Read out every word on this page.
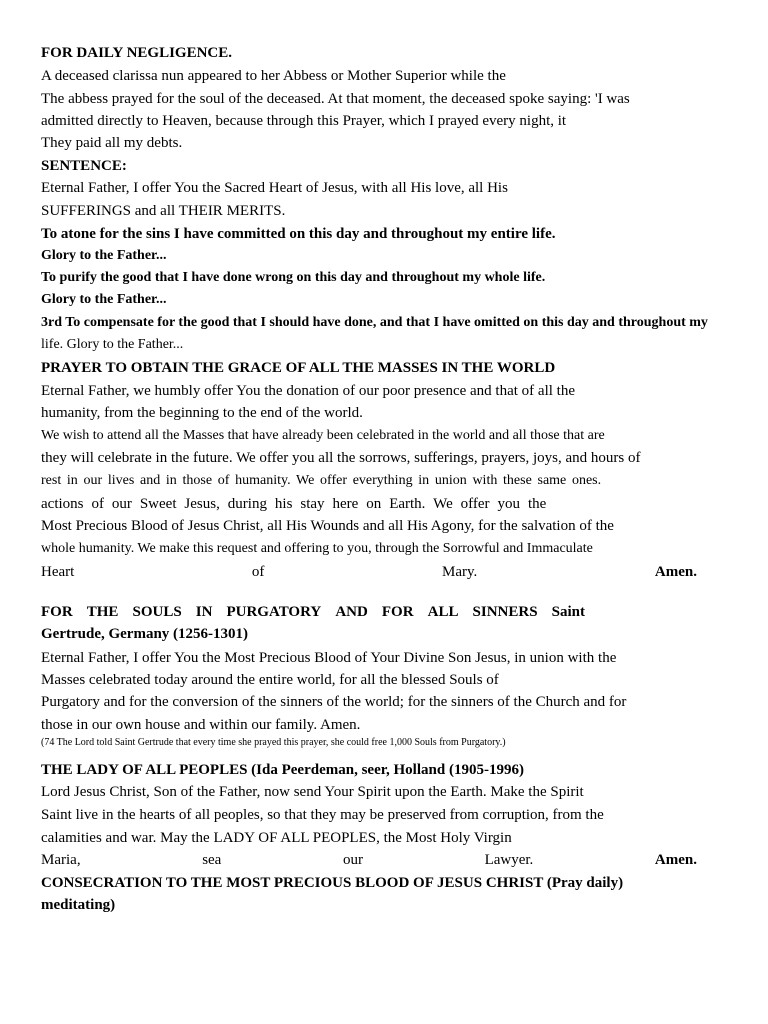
FOR DAILY NEGLIGENCE.
A deceased clarissa nun appeared to her Abbess or Mother Superior while the
The abbess prayed for the soul of the deceased. At that moment, the deceased spoke saying: 'I was
admitted directly to Heaven, because through this Prayer, which I prayed every night, it
They paid all my debts.
SENTENCE:
Eternal Father, I offer You the Sacred Heart of Jesus, with all His love, all His
SUFFERINGS and all THEIR MERITS.
To atone for the sins I have committed on this day and throughout my entire life.
Glory to the Father...
To purify the good that I have done wrong on this day and throughout my whole life.
Glory to the Father...
3rd To compensate for the good that I should have done, and that I have omitted on this day and throughout my
life. Glory to the Father...
PRAYER TO OBTAIN THE GRACE OF ALL THE MASSES IN THE WORLD
Eternal Father, we humbly offer You the donation of our poor presence and that of all the
humanity, from the beginning to the end of the world.
We wish to attend all the Masses that have already been celebrated in the world and all those that are
they will celebrate in the future. We offer you all the sorrows, sufferings, prayers, joys, and hours of
rest in our lives and in those of humanity. We offer everything in union with these same ones.
actions of our Sweet Jesus, during his stay here on Earth. We offer you the
Most Precious Blood of Jesus Christ, all His Wounds and all His Agony, for the salvation of the
whole humanity. We make this request and offering to you, through the Sorrowful and Immaculate
Heart	of	Mary.	Amen.
FOR THE SOULS IN PURGATORY AND FOR ALL SINNERS Saint
Gertrude, Germany (1256-1301)
Eternal Father, I offer You the Most Precious Blood of Your Divine Son Jesus, in union with the
Masses celebrated today around the entire world, for all the blessed Souls of
Purgatory and for the conversion of the sinners of the world; for the sinners of the Church and for
those in our own house and within our family. Amen.
(74 The Lord told Saint Gertrude that every time she prayed this prayer, she could free 1,000 Souls from Purgatory.)
THE LADY OF ALL PEOPLES (Ida Peerdeman, seer, Holland (1905-1996)
Lord Jesus Christ, Son of the Father, now send Your Spirit upon the Earth. Make the Spirit
Saint live in the hearts of all peoples, so that they may be preserved from corruption, from the
calamities and war. May the LADY OF ALL PEOPLES, the Most Holy Virgin
Maria,	sea	our	Lawyer.	Amen.
CONSECRATION TO THE MOST PRECIOUS BLOOD OF JESUS CHRIST (Pray daily)
meditating)
